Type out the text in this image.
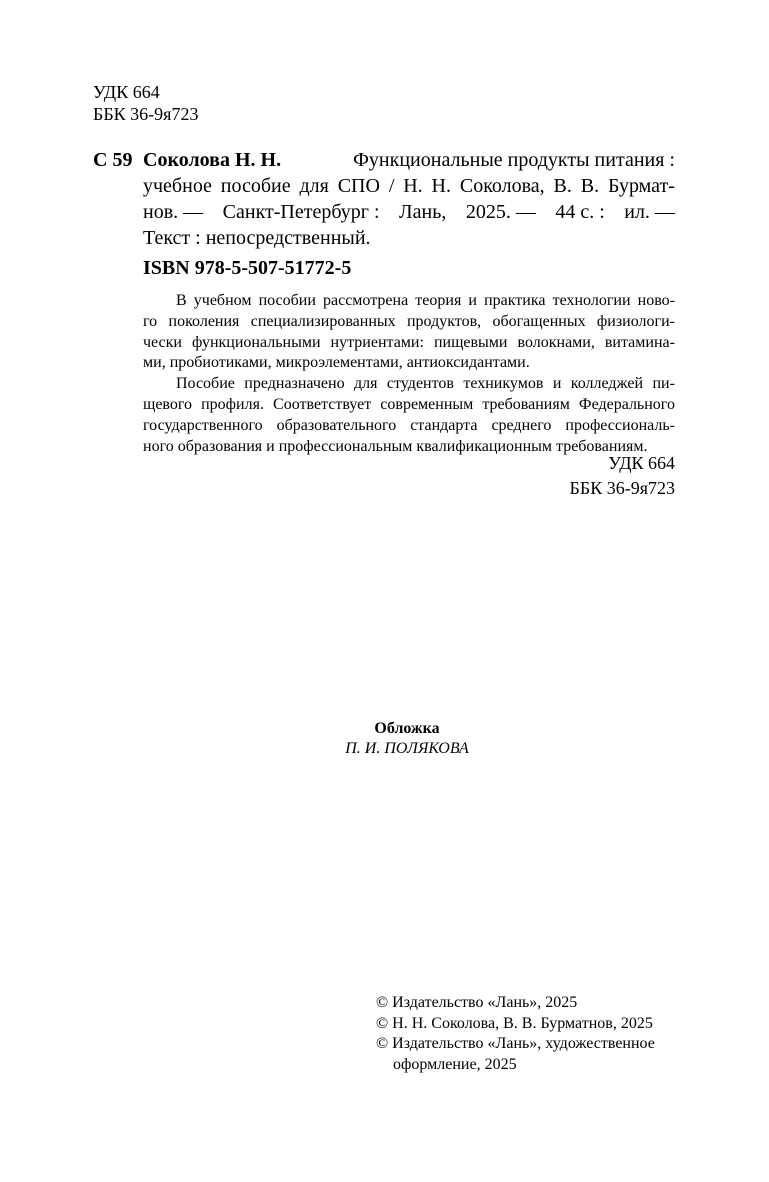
УДК 664
ББК 36-9я723
С 59 Соколова Н. Н.	Функциональные продукты питания :
учебное пособие для СПО / Н. Н. Соколова, В. В. Бурмат-
нов. — Санкт-Петербург : Лань, 2025. — 44 с. : ил. —
Текст : непосредственный.
ISBN 978-5-507-51772-5
В учебном пособии рассмотрена теория и практика технологии ново-
го поколения специализированных продуктов, обогащенных физиологи-
чески функциональными нутриентами: пищевыми волокнами, витамина-
ми, пробиотиками, микроэлементами, антиоксидантами.
Пособие предназначено для студентов техникумов и колледжей пи-
щевого профиля. Соответствует современным требованиям Федерального
государственного образовательного стандарта среднего профессиональ-
ного образования и профессиональным квалификационным требованиям.
УДК 664
ББК 36-9я723
Обложка
П. И. ПОЛЯКОВА
© Издательство «Лань», 2025
© Н. Н. Соколова, В. В. Бурматнов, 2025
© Издательство «Лань», художественное
оформление, 2025
